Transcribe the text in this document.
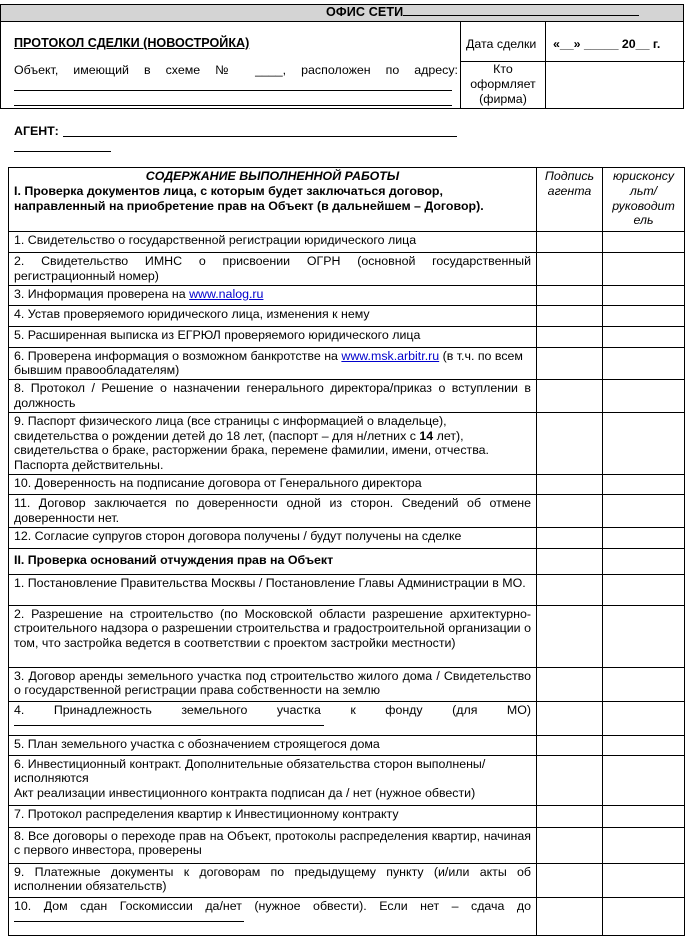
ОФИС СЕТИ
ПРОТОКОЛ СДЕЛКИ (НОВОСТРОЙКА)
Объект, имеющий в схеме № ____, расположен по адресу:
Дата сделки «__» _____ 20__ г.
Кто оформляет (фирма)
АГЕНТ:
СОДЕРЖАНИЕ ВЫПОЛНЕННОЙ РАБОТЫ
I. Проверка документов лица, с которым будет заключаться договор, направленный на приобретение прав на Объект (в дальнейшем – Договор).	Подпись агента	юрисконсу льт/ руководит ель
1. Свидетельство о государственной регистрации юридического лица		
2. Свидетельство ИМНС о присвоении ОГРН (основной государственный регистрационный номер)		
3. Информация проверена на www.nalog.ru		
4. Устав проверяемого юридического лица, изменения к нему		
5. Расширенная выписка из ЕГРЮЛ проверяемого юридического лица		
6. Проверена информация о возможном банкротстве на www.msk.arbitr.ru (в т.ч. по всем бывшим правообладателям)		
8. Протокол / Решение о назначении генерального директора/приказ о вступлении в должность		
9. Паспорт физического лица (все страницы с информацией о владельце), свидетельства о рождении детей до 18 лет, (паспорт – для н/летних с 14 лет), свидетельства о браке, расторжении брака, перемене фамилии, имени, отчества. Паспорта действительны.		
10. Доверенность на подписание договора от Генерального директора		
11. Договор заключается по доверенности одной из сторон. Сведений об отмене доверенности нет.		
12. Согласие супругов сторон договора получены / будут получены на сделке		
II. Проверка оснований отчуждения прав на Объект		
1. Постановление Правительства Москвы / Постановление Главы Администрации в МО.		
2. Разрешение на строительство (по Московской области разрешение архитектурно-строительного надзора о разрешении строительства и градостроительной организации о том, что застройка ведется в соответствии с проектом застройки местности)		
3. Договор аренды земельного участка под строительство жилого дома / Свидетельство о государственной регистрации права собственности на землю		

4. Принадлежность земельного участка к фонду (для МО)		

5. План земельного участка с обозначением строящегося дома		
6. Инвестиционный контракт. Дополнительные обязательства сторон выполнены/исполняются
Акт реализации инвестиционного контракта подписан да / нет (нужное обвести)		
7. Протокол распределения квартир к Инвестиционному контракту		
8. Все договоры о переходе прав на Объект, протоколы распределения квартир, начиная с первого инвестора, проверены		
9. Платежные документы к договорам по предыдущему пункту (и/или акты об исполнении обязательств)		

10. Дом сдан Госкомиссии да/нет (нужное обвести). Если нет – сдача до		
